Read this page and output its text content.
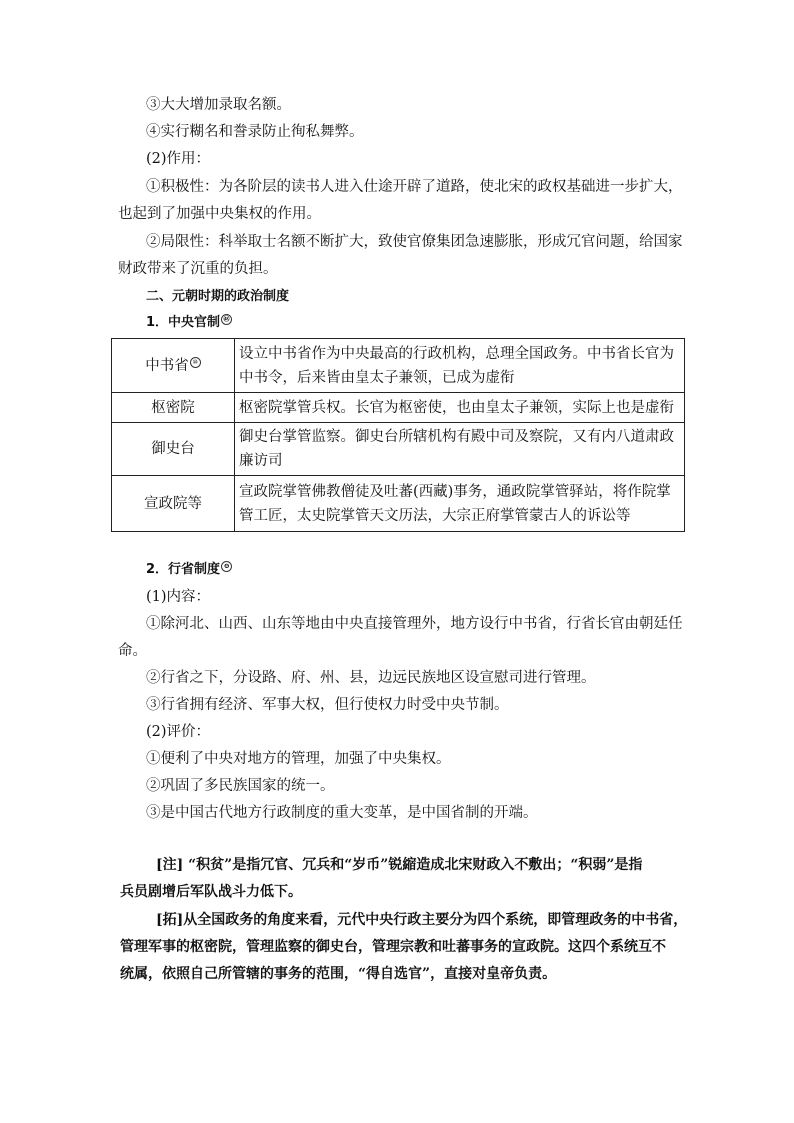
③大大增加录取名额。
④实行糊名和誊录防止徇私舞弊。
(2)作用：
①积极性：为各阶层的读书人进入仕途开辟了道路，使北宋的政权基础进一步扩大，
也起到了加强中央集权的作用。
②局限性：科举取士名额不断扩大，致使官僚集团急速膨胀，形成冗官问题，给国家
财政带来了沉重的负担。
二、元朝时期的政治制度
1．中央官制 ㊽
中书省 ⑩	设立中书省作为中央最高的行政机构，总理全国政务。中书省长官为中书令，后来皆由皇太子兼领，已成为虚衔
枢密院	枢密院掌管兵权。长官为枢密使，也由皇太子兼领，实际上也是虚衔
御史台	御史台掌管监察。御史台所辖机构有殿中司及察院，又有内八道肃政廉访司
宣政院等	宣政院掌管佛教僧徒及吐蕃(西藏)事务，通政院掌管驿站，将作院掌管工匠，太史院掌管天文历法，大宗正府掌管蒙古人的诉讼等
2．行省制度 ❹
(1)内容：
①除河北、山西、山东等地由中央直接管理外，地方设行中书省，行省长官由朝廷任
命。
②行省之下，分设路、府、州、县，边远民族地区设宣慰司进行管理。
③行省拥有经济、军事大权，但行使权力时受中央节制。
(2)评价：
①便利了中央对地方的管理，加强了中央集权。
②巩固了多民族国家的统一。
③是中国古代地方行政制度的重大变革，是中国省制的开端。
[注] “积贫”是指冗官、冗兵和“岁币”锐縮造成北宋财政入不敷出；“积弱”是指
兵员剧增后军队战斗力低下。
[拓]从全国政务的角度来看，元代中央行政主要分为四个系统，即管理政务的中书省，
管理军事的枢密院，管理监察的御史台，管理宗教和吐蕃事务的宣政院。这四个系统互不
统属，依照自己所管辖的事务的范围，“得自选官”，直接对皇帝负责。
